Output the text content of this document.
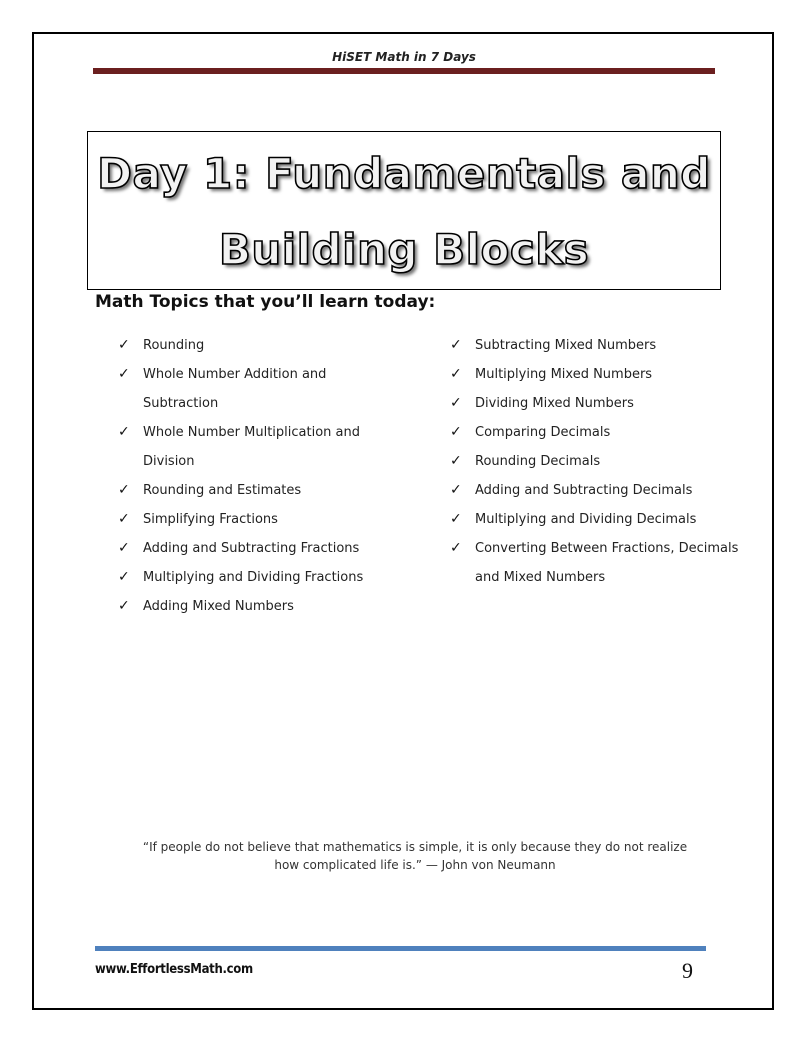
HiSET Math in 7 Days
Day 1: Fundamentals and
Building Blocks
Math Topics that you’ll learn today:
✓ Rounding
✓ Whole Number Addition and Subtraction
✓ Whole Number Multiplication and Division
✓ Rounding and Estimates
✓ Simplifying Fractions
✓ Adding and Subtracting Fractions
✓ Multiplying and Dividing Fractions
✓ Adding Mixed Numbers
✓ Subtracting Mixed Numbers
✓ Multiplying Mixed Numbers
✓ Dividing Mixed Numbers
✓ Comparing Decimals
✓ Rounding Decimals
✓ Adding and Subtracting Decimals
✓ Multiplying and Dividing Decimals
✓ Converting Between Fractions, Decimals and Mixed Numbers
“If people do not believe that mathematics is simple, it is only because they do not realize how complicated life is.” — John von Neumann
www.EffortlessMath.com	9
